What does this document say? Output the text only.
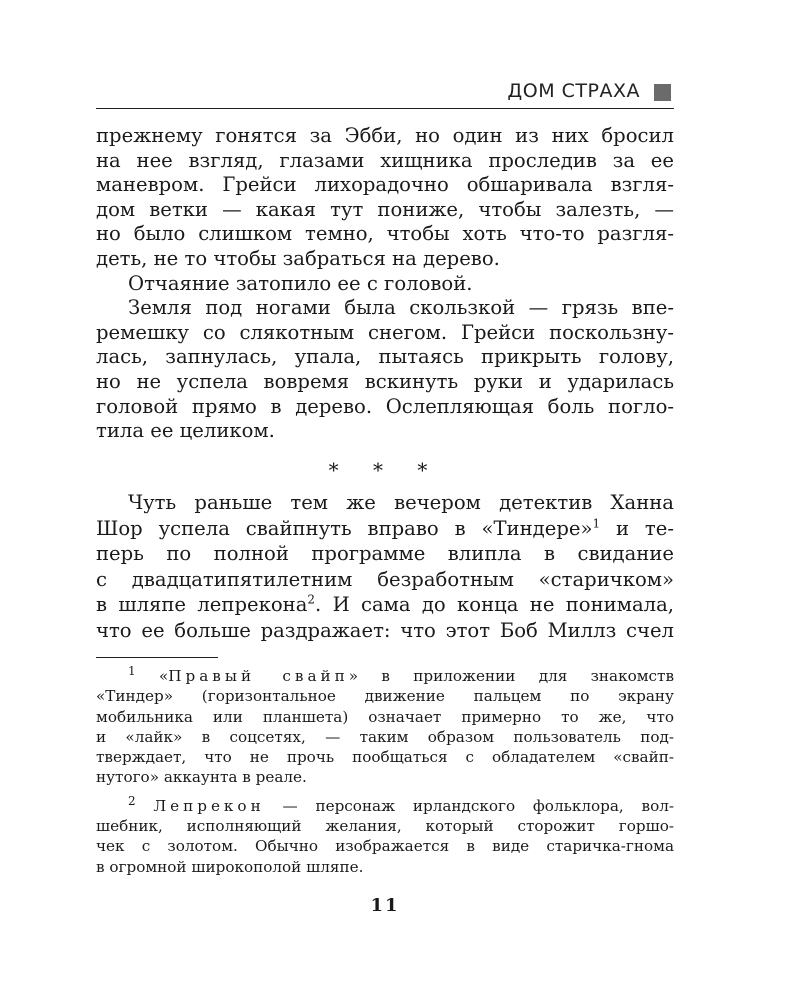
ДОМ СТРАХА
прежнему гонятся за Эбби, но один из них бросил
на нее взгляд, глазами хищника проследив за ее
маневром. Грейси лихорадочно обшаривала взгля-
дом ветки — какая тут пониже, чтобы залезть, —
но было слишком темно, чтобы хоть что-то разгля-
деть, не то чтобы забраться на дерево.
Отчаяние затопило ее с головой.
Земля под ногами была скользкой — грязь впе-
ремешку со слякотным снегом. Грейси поскользну-
лась, запнулась, упала, пытаясь прикрыть голову,
но не успела вовремя вскинуть руки и ударилась
головой прямо в дерево. Ослепляющая боль погло-
тила ее целиком.
* * *
Чуть раньше тем же вечером детектив Ханна
Шор успела свайпнуть вправо в «Тиндере»$^1$ и те-
перь по полной программе влипла в свидание
с двадцатипятилетним безработным «старичком»
в шляпе лепрекона$^2$. И сама до конца не понимала,
что ее больше раздражает: что этот Боб Миллз счел
$^1$ «Правый свайп» в приложении для знакомств
«Тиндер» (горизонтальное движение пальцем по экрану
мобильника или планшета) означает примерно то же, что
и «лайк» в соцсетях, — таким образом пользователь под-
тверждает, что не прочь пообщаться с обладателем «свайп-
нутого» аккаунта в реале.
$^2$ Лепрекон — персонаж ирландского фольклора, вол-
шебник, исполняющий желания, который сторожит горшо-
чек с золотом. Обычно изображается в виде старичка-гнома
в огромной широкополой шляпе.
11
